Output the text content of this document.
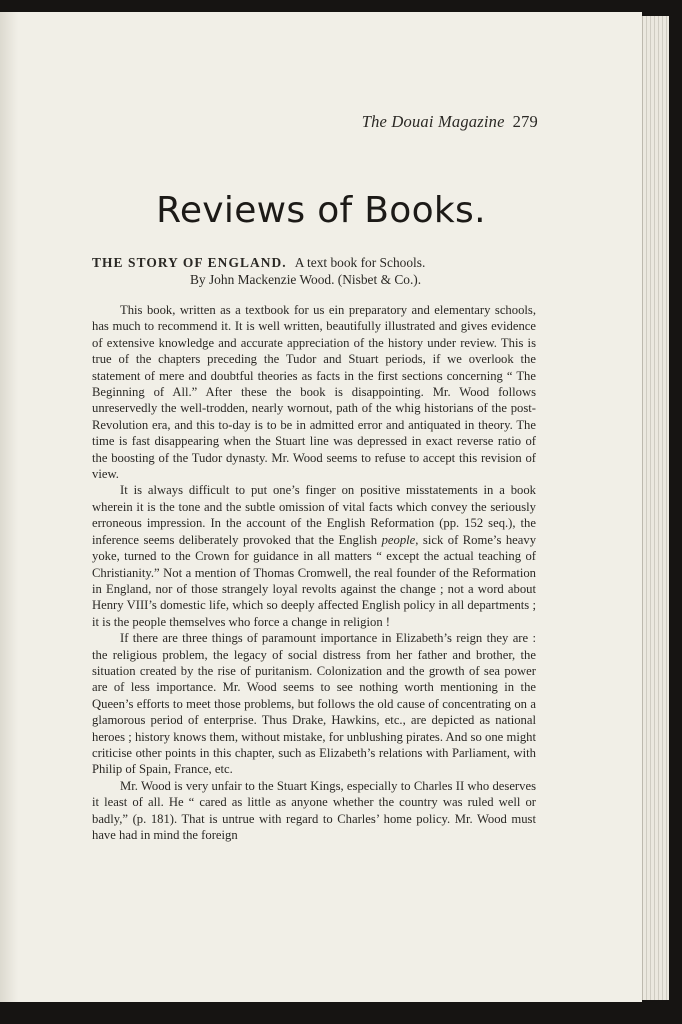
The Douai Magazine 279
Reviews of Books.
THE STORY OF ENGLAND. A text book for Schools.
By John Mackenzie Wood. (Nisbet & Co.).

This book, written as a textbook for us ein preparatory and elementary schools, has much to recommend it. It is well written, beautifully illustrated and gives evidence of extensive knowledge and accurate appreciation of the history under review. This is true of the chapters preceding the Tudor and Stuart periods, if we overlook the statement of mere and doubtful theories as facts in the first sections concerning “ The Beginning of All.” After these the book is disappointing. Mr. Wood follows unreservedly the well-trodden, nearly wornout, path of the whig historians of the post-Revolution era, and this to-day is to be in admitted error and antiquated in theory. The time is fast disappearing when the Stuart line was depressed in exact reverse ratio of the boosting of the Tudor dynasty. Mr. Wood seems to refuse to accept this revision of view.

It is always difficult to put one’s finger on positive misstatements in a book wherein it is the tone and the subtle omission of vital facts which convey the seriously erroneous impression. In the account of the English Reformation (pp. 152 seq.), the inference seems deliberately provoked that the English people, sick of Rome’s heavy yoke, turned to the Crown for guidance in all matters “ except the actual teaching of Christianity.” Not a mention of Thomas Cromwell, the real founder of the Reformation in England, nor of those strangely loyal revolts against the change ; not a word about Henry VIII’s domestic life, which so deeply affected English policy in all departments ; it is the people themselves who force a change in religion !

If there are three things of paramount importance in Elizabeth’s reign they are : the religious problem, the legacy of social distress from her father and brother, the situation created by the rise of puritanism. Colonization and the growth of sea power are of less importance. Mr. Wood seems to see nothing worth mentioning in the Queen’s efforts to meet those problems, but follows the old cause of concentrating on a glamorous period of enterprise. Thus Drake, Hawkins, etc., are depicted as national heroes ; history knows them, without mistake, for unblushing pirates. And so one might criticise other points in this chapter, such as Elizabeth’s relations with Parliament, with Philip of Spain, France, etc.

Mr. Wood is very unfair to the Stuart Kings, especially to Charles II who deserves it least of all. He “ cared as little as anyone whether the country was ruled well or badly,” (p. 181). That is untrue with regard to Charles’ home policy. Mr. Wood must have had in mind the foreign
